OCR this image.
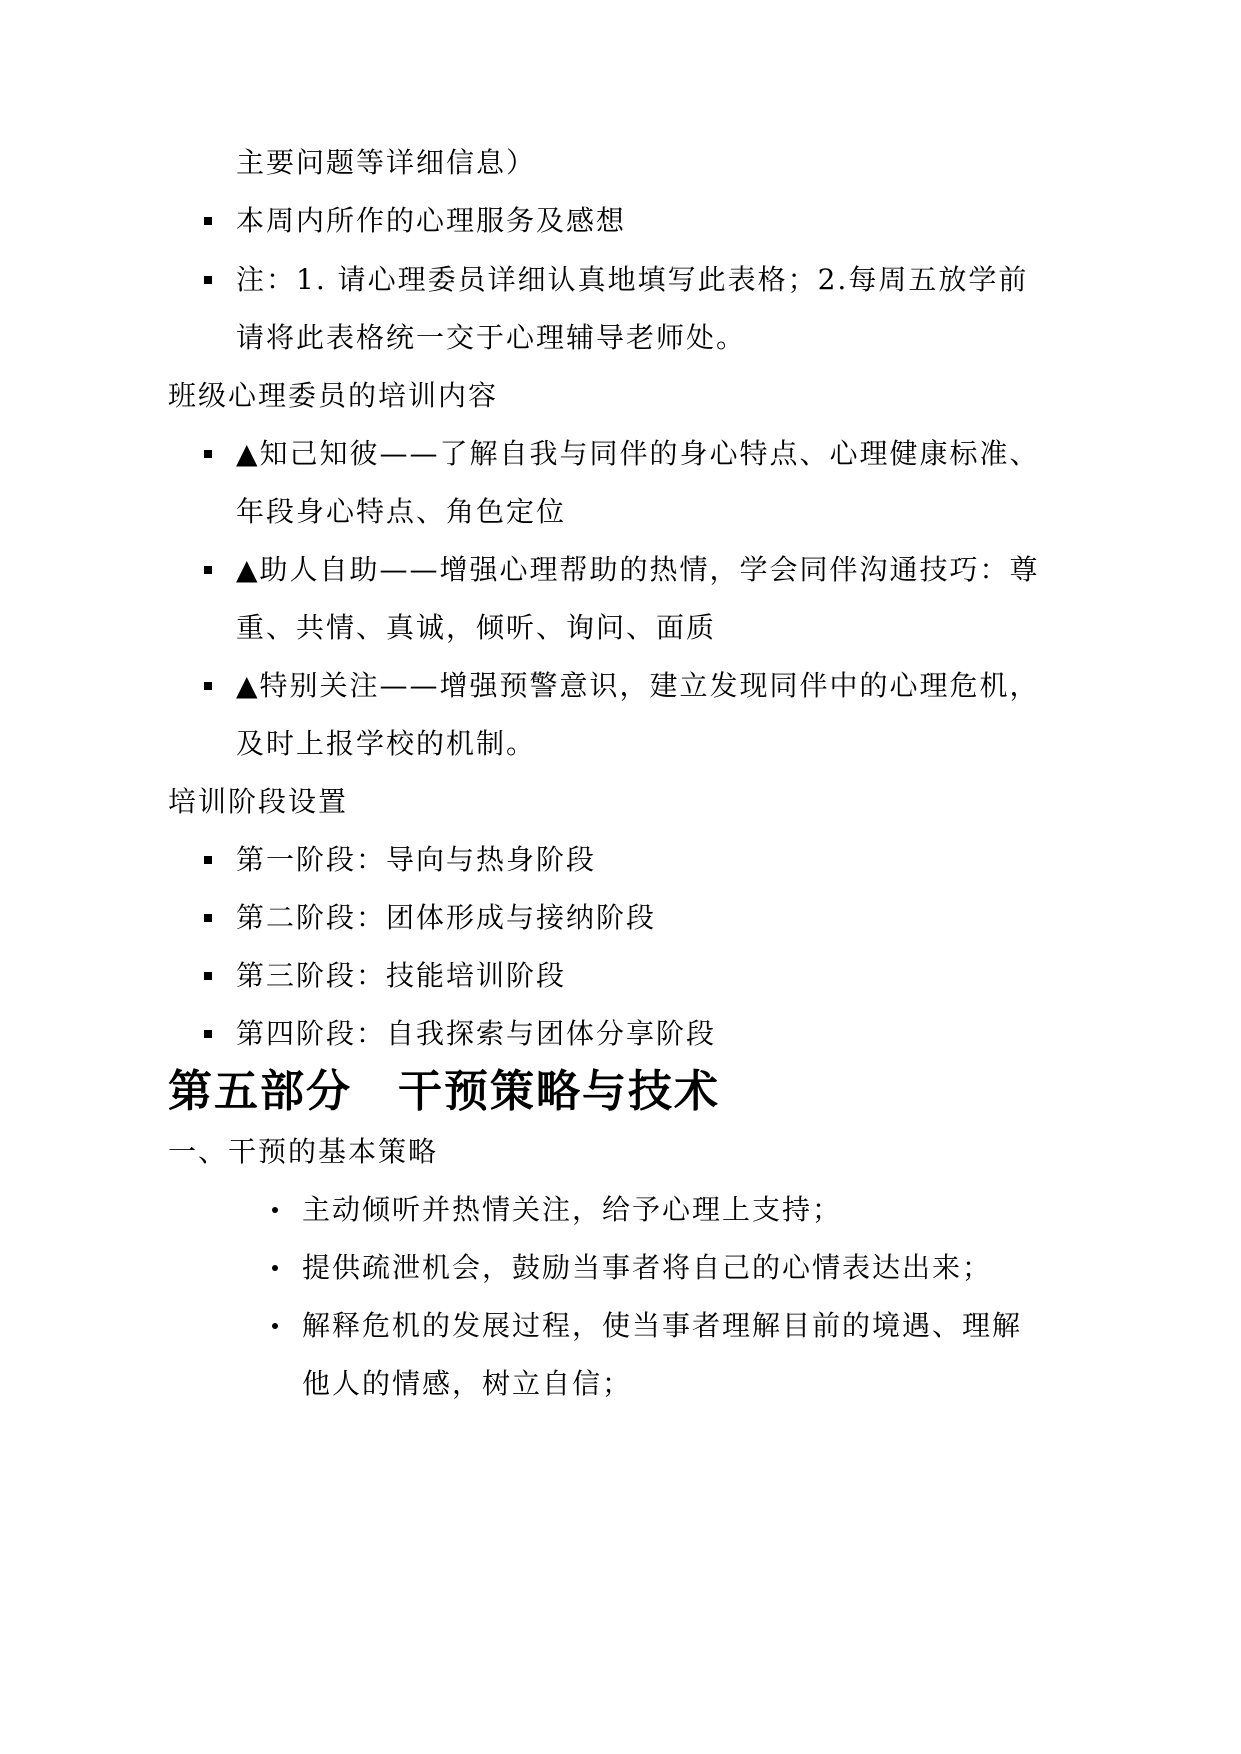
主要问题等详细信息）
本周内所作的心理服务及感想
注：1. 请心理委员详细认真地填写此表格；2.每周五放学前
请将此表格统一交于心理辅导老师处。
班级心理委员的培训内容
▲知己知彼——了解自我与同伴的身心特点、心理健康标准、
年段身心特点、角色定位
▲助人自助——增强心理帮助的热情，学会同伴沟通技巧：尊
重、共情、真诚，倾听、询问、面质
▲特别关注——增强预警意识，建立发现同伴中的心理危机，
及时上报学校的机制。
培训阶段设置
第一阶段：导向与热身阶段
第二阶段：团体形成与接纳阶段
第三阶段：技能培训阶段
第四阶段：自我探索与团体分享阶段
第五部分　干预策略与技术
一、干预的基本策略
主动倾听并热情关注，给予心理上支持；
提供疏泄机会，鼓励当事者将自己的心情表达出来；
解释危机的发展过程，使当事者理解目前的境遇、理解
他人的情感，树立自信；
